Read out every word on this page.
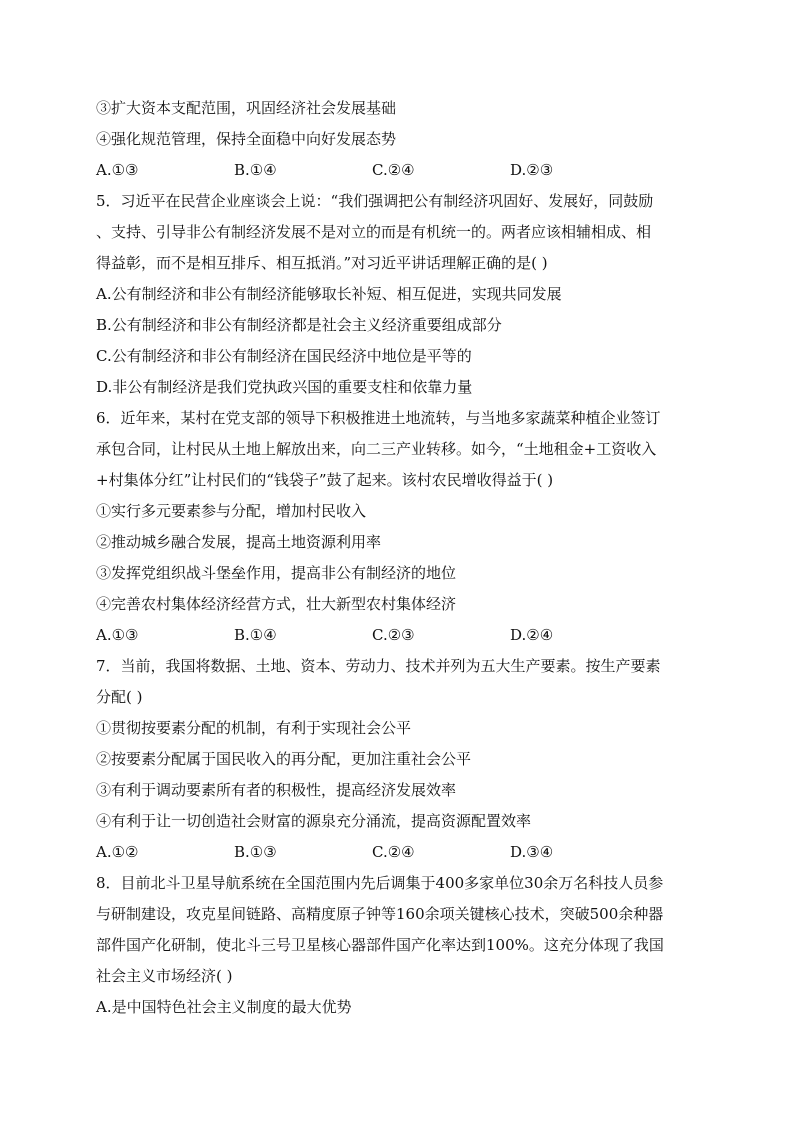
③扩大资本支配范围，巩固经济社会发展基础

④强化规范管理，保持全面稳中向好发展态势

A.①③	B.①④	C.②④	D.②③

5．习近平在民营企业座谈会上说：“我们强调把公有制经济巩固好、发展好，同鼓励

、支持、引导非公有制经济发展不是对立的而是有机统一的。两者应该相辅相成、相

得益彰，而不是相互排斥、相互抵消。”对习近平讲话理解正确的是( )

A.公有制经济和非公有制经济能够取长补短、相互促进，实现共同发展

B.公有制经济和非公有制经济都是社会主义经济重要组成部分

C.公有制经济和非公有制经济在国民经济中地位是平等的

D.非公有制经济是我们党执政兴国的重要支柱和依靠力量

6．近年来，某村在党支部的领导下积极推进土地流转，与当地多家蔬菜种植企业签订

承包合同，让村民从土地上解放出来，向二三产业转移。如今，“土地租金+工资收入

+村集体分红”让村民们的“钱袋子”鼓了起来。该村农民增收得益于( )

①实行多元要素参与分配，增加村民收入

②推动城乡融合发展，提高土地资源利用率

③发挥党组织战斗堡垒作用，提高非公有制经济的地位

④完善农村集体经济经营方式，壮大新型农村集体经济

A.①③	B.①④	C.②③	D.②④

7．当前，我国将数据、土地、资本、劳动力、技术并列为五大生产要素。按生产要素

分配( )

①贯彻按要素分配的机制，有利于实现社会公平

②按要素分配属于国民收入的再分配，更加注重社会公平

③有利于调动要素所有者的积极性，提高经济发展效率

④有利于让一切创造社会财富的源泉充分涌流，提高资源配置效率

A.①②	B.①③	C.②④	D.③④

8．目前北斗卫星导航系统在全国范围内先后调集于400多家单位30余万名科技人员参

与研制建设，攻克星间链路、高精度原子钟等160余项关键核心技术，突破500余种器

部件国产化研制，使北斗三号卫星核心器部件国产化率达到100%。这充分体现了我国

社会主义市场经济( )

A.是中国特色社会主义制度的最大优势
